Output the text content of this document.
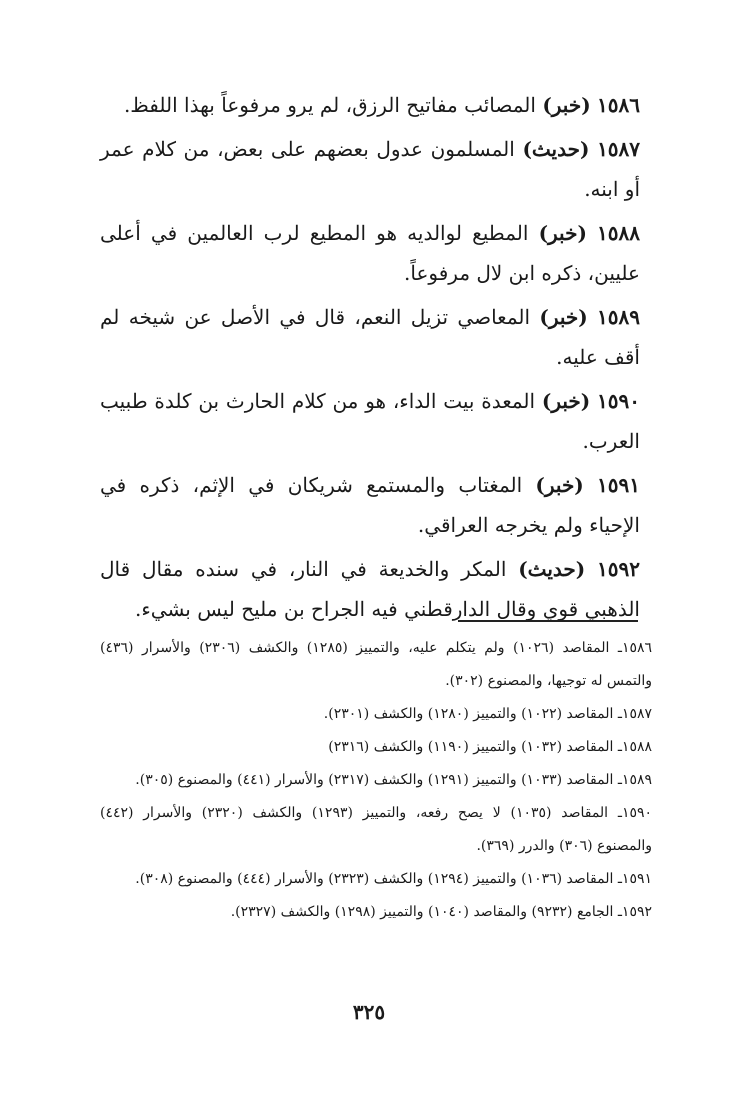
١٥٨٦ (خبر) المصائب مفاتيح الرزق، لم يرو مرفوعاً بهذا اللفظ.

١٥٨٧ (حديث) المسلمون عدول بعضهم على بعض، من كلام عمر أو ابنه.

١٥٨٨ (خبر) المطيع لوالديه هو المطيع لرب العالمين في أعلى عليين، ذكره ابن لال مرفوعاً.

١٥٨٩ (خبر) المعاصي تزيل النعم، قال في الأصل عن شيخه لم أقف عليه.

١٥٩٠ (خبر) المعدة بيت الداء، هو من كلام الحارث بن كلدة طبيب العرب.

١٥٩١ (خبر) المغتاب والمستمع شريكان في الإثم، ذكره في الإحياء ولم يخرجه العراقي.

١٥٩٢ (حديث) المكر والخديعة في النار، في سنده مقال قال الذهبي قوي وقال الدارقطني فيه الجراح بن مليح ليس بشيء.

١٥٨٦ـ المقاصد (١٠٢٦) ولم يتكلم عليه، والتمييز (١٢٨٥) والكشف (٢٣٠٦) والأسرار (٤٣٦) والتمس له توجيها، والمصنوع (٣٠٢).

١٥٨٧ـ المقاصد (١٠٢٢) والتمييز (١٢٨٠) والكشف (٢٣٠١).

١٥٨٨ـ المقاصد (١٠٣٢) والتمييز (١١٩٠) والكشف (٢٣١٦)

١٥٨٩ـ المقاصد (١٠٣٣) والتمييز (١٢٩١) والكشف (٢٣١٧) والأسرار (٤٤١) والمصنوع (٣٠٥).

١٥٩٠ـ المقاصد (١٠٣٥) لا يصح رفعه، والتمييز (١٢٩٣) والكشف (٢٣٢٠) والأسرار (٤٤٢) والمصنوع (٣٠٦) والدرر (٣٦٩).

١٥٩١ـ المقاصد (١٠٣٦) والتمييز (١٢٩٤) والكشف (٢٣٢٣) والأسرار (٤٤٤) والمصنوع (٣٠٨).

١٥٩٢ـ الجامع (٩٢٣٢) والمقاصد (١٠٤٠) والتمييز (١٢٩٨) والكشف (٢٣٢٧).

٣٢٥
